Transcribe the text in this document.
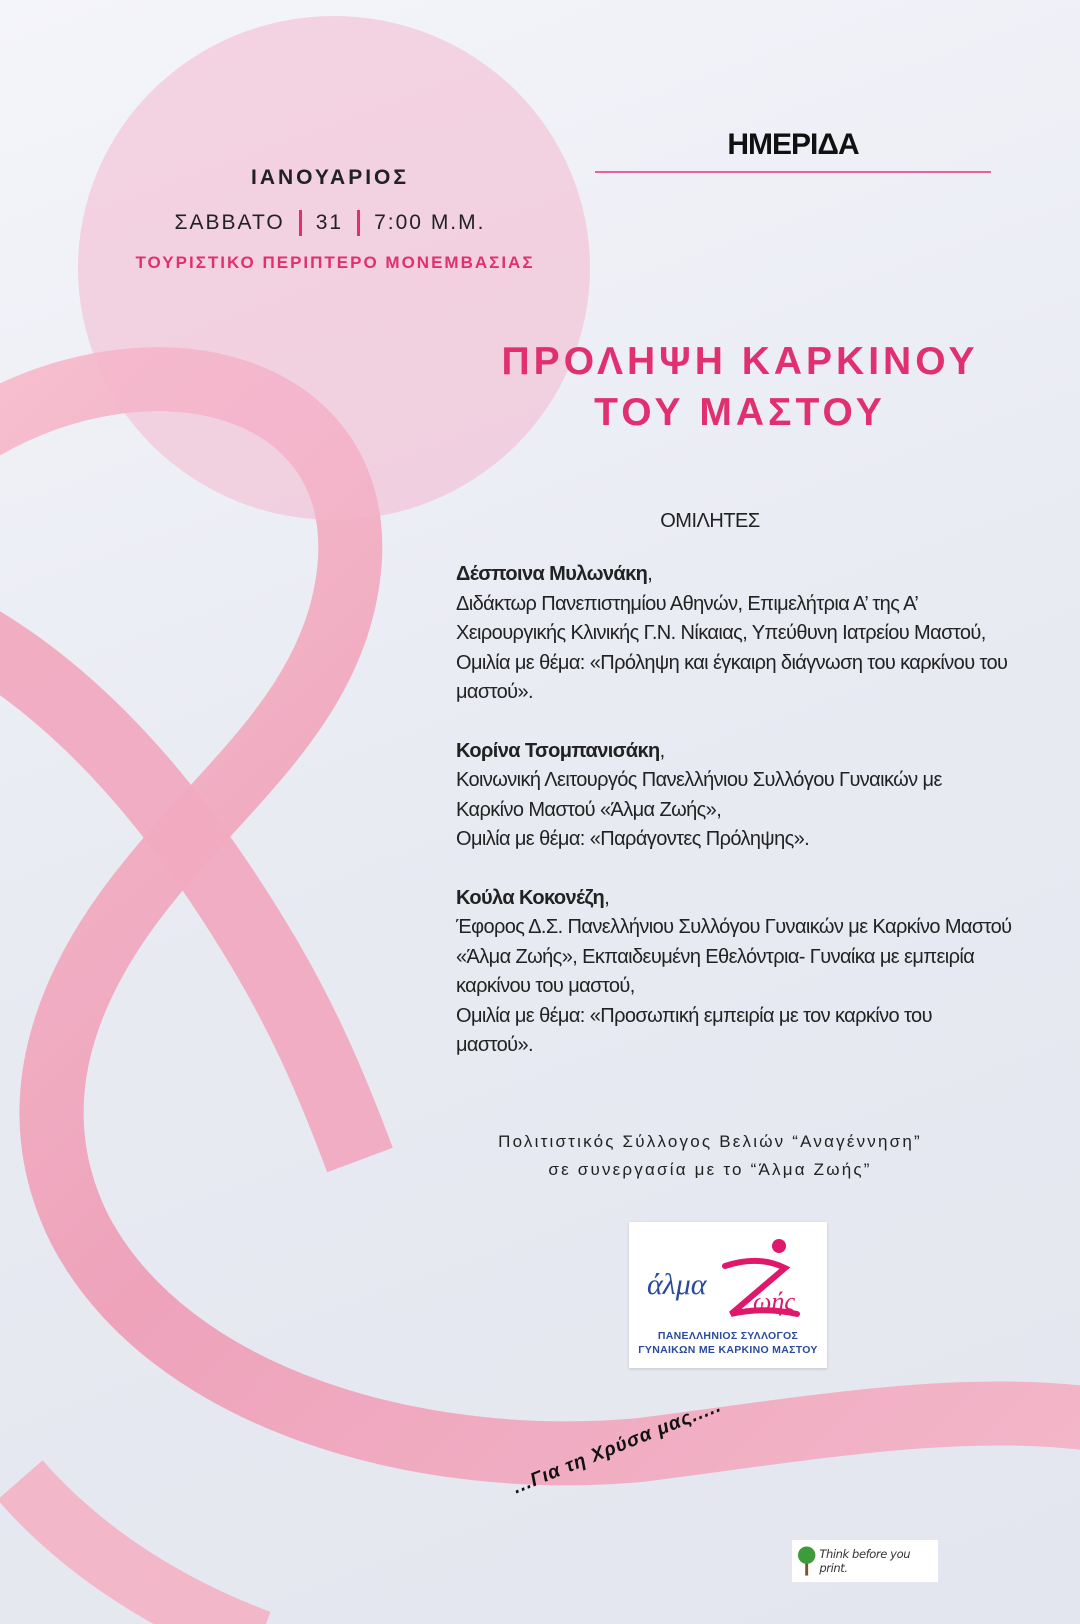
ΙΑΝΟΥΑΡΙΟΣ
ΣΑΒΒΑΤΟ 31 7:00 Μ.Μ.
ΤΟΥΡΙΣΤΙΚΟ ΠΕΡΙΠΤΕΡΟ ΜΟΝΕΜΒΑΣΙΑΣ
ΗΜΕΡΙΔΑ
ΠΡΟΛΗΨΗ ΚΑΡΚΙΝΟΥ
ΤΟΥ ΜΑΣΤΟΥ
ΟΜΙΛΗΤΕΣ
Δέσποινα Μυλωνάκη,
Διδάκτωρ Πανεπιστημίου Αθηνών, Επιμελήτρια Α’ της Α’ Χειρουργικής Κλινικής Γ.Ν. Νίκαιας, Υπεύθυνη Ιατρείου Μαστού,
Ομιλία με θέμα: «Πρόληψη και έγκαιρη διάγνωση του καρκίνου του μαστού».
Κορίνα Τσομπανισάκη,
Κοινωνική Λειτουργός Πανελλήνιου Συλλόγου Γυναικών με Καρκίνο Μαστού «Άλμα Ζωής»,
Ομιλία με θέμα: «Παράγοντες Πρόληψης».
Κούλα Κοκονέζη,
Έφορος Δ.Σ. Πανελλήνιου Συλλόγου Γυναικών με Καρκίνο Μαστού «Άλμα Ζωής», Εκπαιδευμένη Εθελόντρια- Γυναίκα με εμπειρία καρκίνου του μαστού,
Ομιλία με θέμα: «Προσωπική εμπειρία με τον καρκίνο του μαστού».
Πολιτιστικός Σύλλογος Βελιών “Αναγέννηση”
σε συνεργασία με το “Άλμα Ζωής”
άλμα
ωής
ΠΑΝΕΛΛΗΝΙΟΣ ΣΥΛΛΟΓΟΣ
ΓΥΝΑΙΚΩΝ ΜΕ ΚΑΡΚΙΝΟ ΜΑΣΤΟΥ
...Για τη Χρύσα μας.....
Think before you print.
